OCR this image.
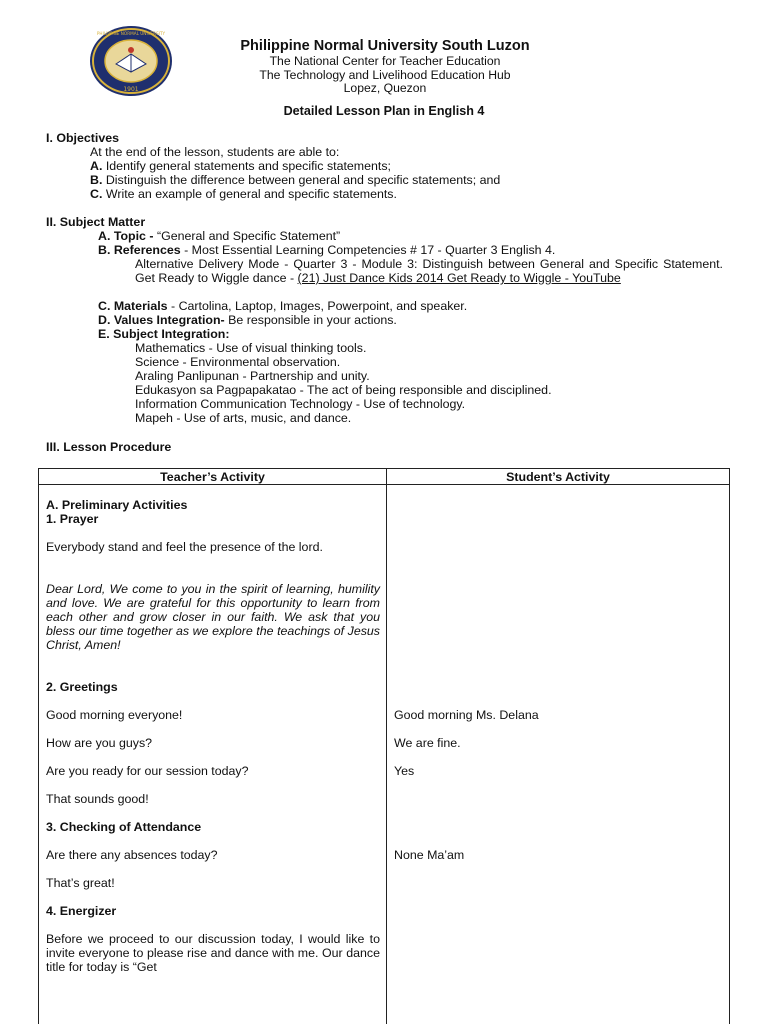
1901
PHILIPPINE NORMAL UNIVERSITY
Philippine Normal University South Luzon
The National Center for Teacher Education
The Technology and Livelihood Education Hub
Lopez, Quezon
Detailed Lesson Plan in English 4
I. Objectives
At the end of the lesson, students are able to:
A. Identify general statements and specific statements;
B. Distinguish the difference between general and specific statements; and
C. Write an example of general and specific statements.
II. Subject Matter
A. Topic - “General and Specific Statement”
B. References - Most Essential Learning Competencies # 17 - Quarter 3 English 4.
Alternative Delivery Mode - Quarter 3 - Module 3: Distinguish between General and Specific Statement. Get Ready to Wiggle dance - (21) Just Dance Kids 2014 Get Ready to Wiggle - YouTube
C. Materials - Cartolina, Laptop, Images, Powerpoint, and speaker.
D. Values Integration- Be responsible in your actions.
E. Subject Integration:
Mathematics - Use of visual thinking tools.
Science - Environmental observation.
Araling Panlipunan - Partnership and unity.
Edukasyon sa Pagpapakatao - The act of being responsible and disciplined.
Information Communication Technology - Use of technology.
Mapeh - Use of arts, music, and dance.
III. Lesson Procedure
Teacher’s Activity	Student’s Activity
A. Preliminary Activities
1. Prayer
Everybody stand and feel the presence of the lord.
Dear Lord, We come to you in the spirit of learning, humility and love. We are grateful for this opportunity to learn from each other and grow closer in our faith. We ask that you bless our time together as we explore the teachings of Jesus Christ, Amen!
2. Greetings
Good morning everyone!	Good morning Ms. Delana
How are you guys?	We are fine.
Are you ready for our session today?	Yes
That sounds good!
3. Checking of Attendance
Are there any absences today?	None Ma’am
That’s great!
4. Energizer
Before we proceed to our discussion today, I would like to invite everyone to please rise and dance with me. Our dance title for today is “Get
